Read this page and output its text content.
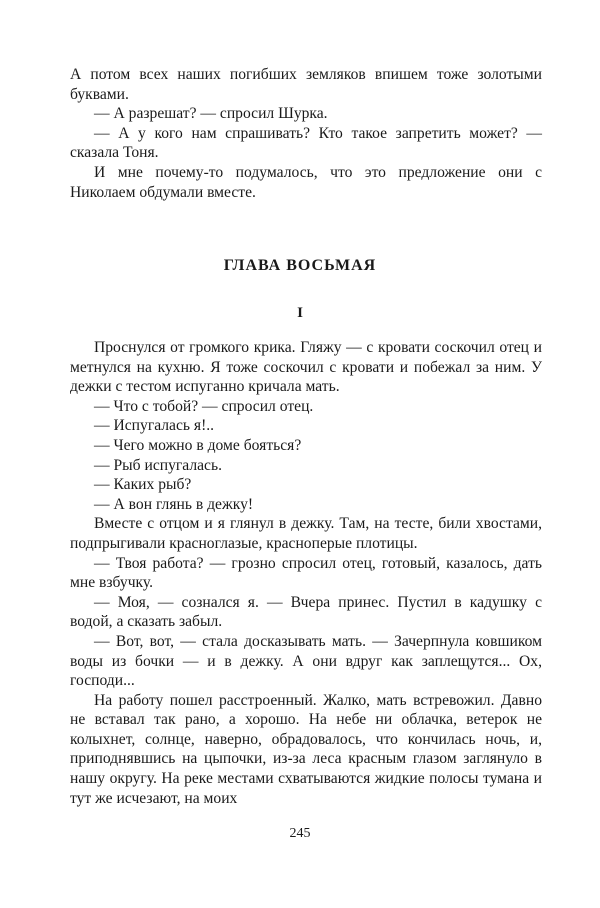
А потом всех наших погибших земляков впишем тоже золотыми буквами.

— А разрешат? — спросил Шурка.

— А у кого нам спрашивать? Кто такое запретить может? — сказала Тоня.

И мне почему-то подумалось, что это предложение они с Николаем обдумали вместе.

ГЛАВА ВОСЬМАЯ
I

Проснулся от громкого крика. Гляжу — с кровати соскочил отец и метнулся на кухню. Я тоже соскочил с кровати и побежал за ним. У дежки с тестом испуганно кричала мать.

— Что с тобой? — спросил отец.

— Испугалась я!..

— Чего можно в доме бояться?

— Рыб испугалась.

— Каких рыб?

— А вон глянь в дежку!

Вместе с отцом и я глянул в дежку. Там, на тесте, били хвостами, подпрыгивали краснoглазые, красноперые плотицы.

— Твоя работа? — грозно спросил отец, готовый, казалось, дать мне взбучку.

— Моя, — сознался я. — Вчера принес. Пустил в кадушку с водой, а сказать забыл.

— Вот, вот, — стала досказывать мать. — Зачерпнула ковшиком воды из бочки — и в дежку. А они вдруг как заплещутся... Ох, господи...

На работу пошел расстроенный. Жалко, мать встревожил. Давно не вставал так рано, а хорошо. На небе ни облачка, ветерок не колыхнет, солнце, наверно, обрадовалось, что кончилась ночь, и, приподнявшись на цыпочки, из-за леса красным глазом заглянуло в нашу округу. На реке местами схватываются жидкие полосы тумана и тут же исчезают, на моих

245
